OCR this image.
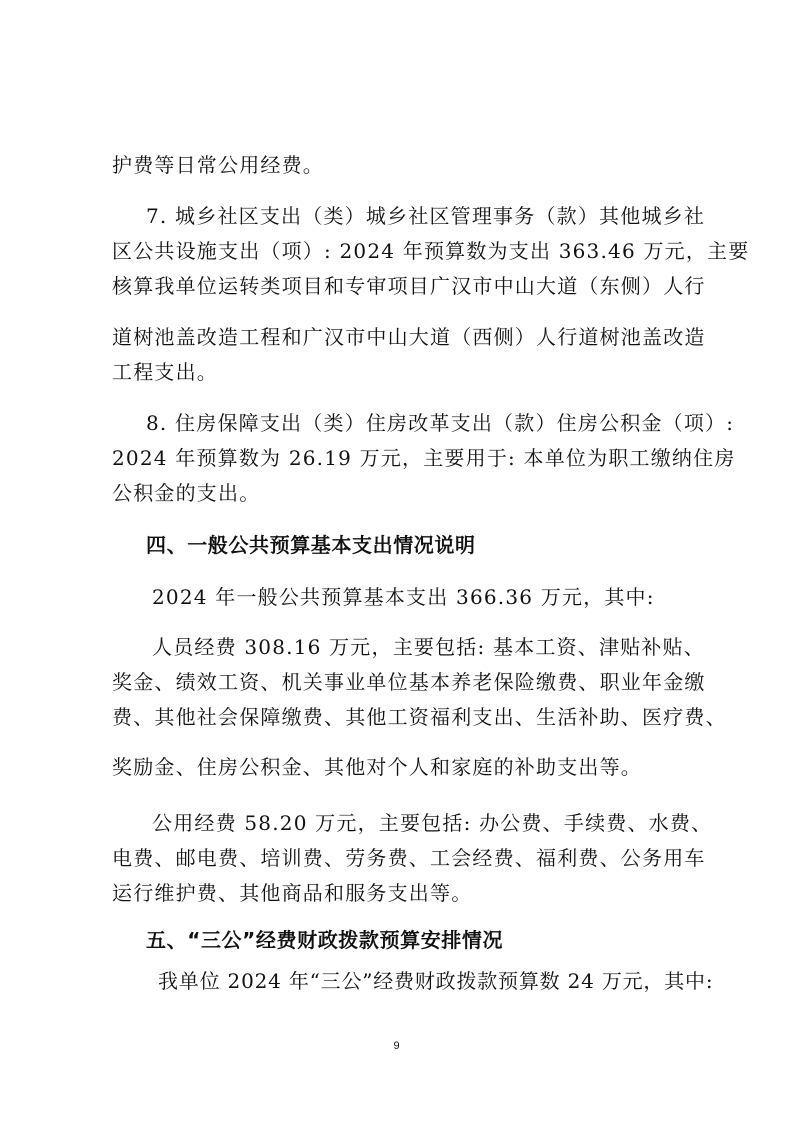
护费等日常公用经费。
7. 城乡社区支出（类）城乡社区管理事务（款）其他城乡社
区公共设施支出（项）: 2024 年预算数为支出 363.46 万元，主要
核算我单位运转类项目和专审项目广汉市中山大道（东侧）人行
道树池盖改造工程和广汉市中山大道（西侧）人行道树池盖改造
工程支出。
8. 住房保障支出（类）住房改革支出（款）住房公积金（项）:
2024 年预算数为 26.19 万元，主要用于: 本单位为职工缴纳住房
公积金的支出。
四、一般公共预算基本支出情况说明
2024 年一般公共预算基本支出 366.36 万元，其中:
人员经费 308.16 万元，主要包括: 基本工资、津贴补贴、
奖金、绩效工资、机关事业单位基本养老保险缴费、职业年金缴
费、其他社会保障缴费、其他工资福利支出、生活补助、医疗费、
奖励金、住房公积金、其他对个人和家庭的补助支出等。
公用经费 58.20 万元，主要包括: 办公费、手续费、水费、
电费、邮电费、培训费、劳务费、工会经费、福利费、公务用车
运行维护费、其他商品和服务支出等。
五、“三公”经费财政拨款预算安排情况
我单位 2024 年“三公”经费财政拨款预算数 24 万元，其中:
9
